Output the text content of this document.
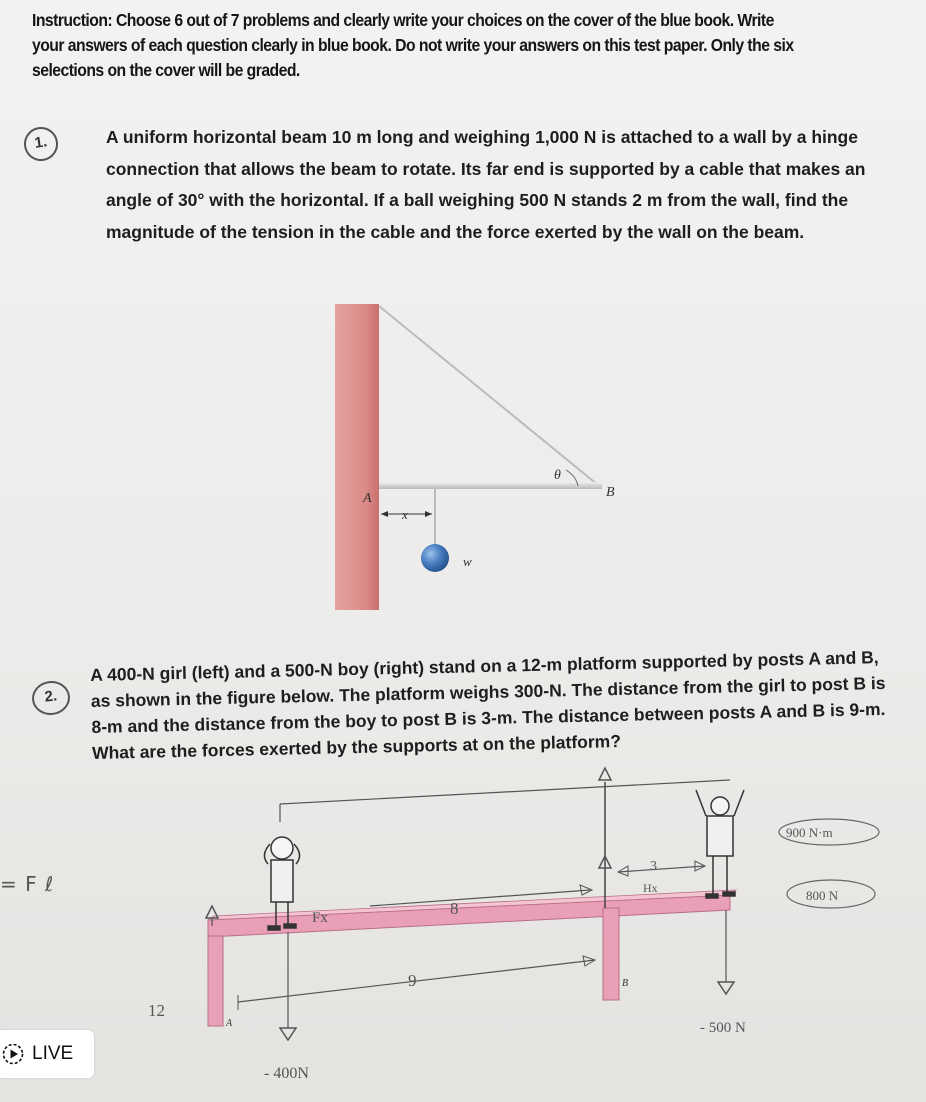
Instruction: Choose 6 out of 7 problems and clearly write your choices on the cover of the blue book. Write your answers of each question clearly in blue book. Do not write your answers on this test paper. Only the six selections on the cover will be graded.
1.	A uniform horizontal beam 10 m long and weighing 1,000 N is attached to a wall by a hinge connection that allows the beam to rotate. Its far end is supported by a cable that makes an angle of 30° with the horizontal. If a ball weighing 500 N stands 2 m from the wall, find the magnitude of the tension in the cable and the force exerted by the wall on the beam.
A	B
θ
x
w
2.
A 400-N girl (left) and a 500-N boy (right) stand on a 12-m platform supported by posts A and B, as shown in the figure below. The platform weighs 300-N. The distance from the girl to post B is 8-m and the distance from the boy to post B is 3-m. The distance between posts A and B is 9-m. What are the forces exerted by the supports at on the platform?
= F ℓ
Fx	8
9
3
Hx
12
- 400N
- 500 N
900 N·m
800 N
A
B
LIVE
